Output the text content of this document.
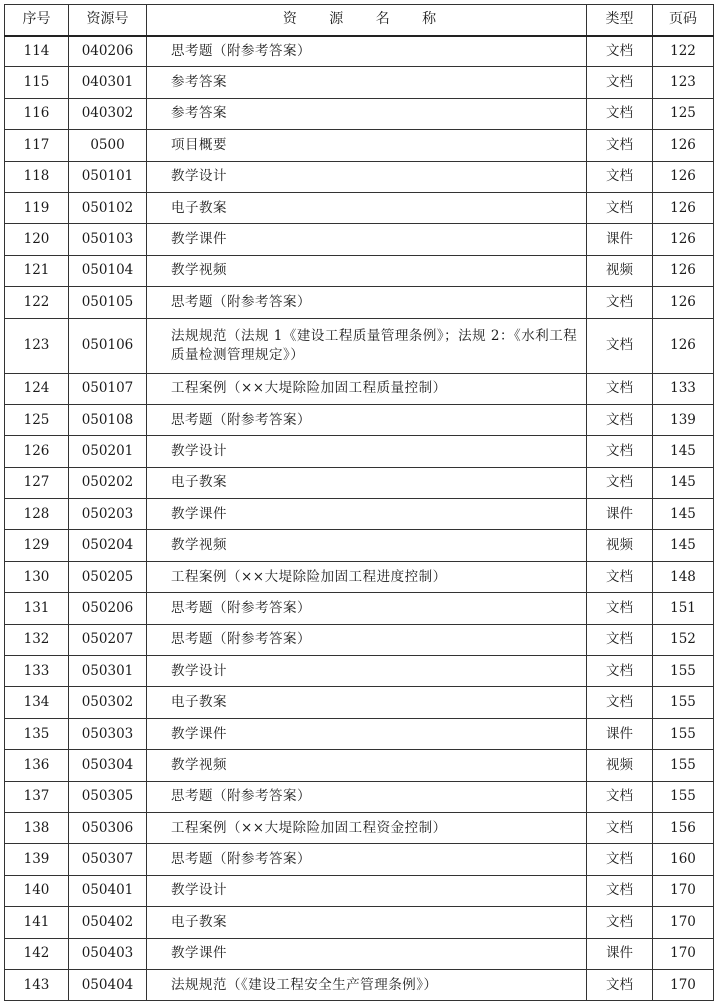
序号	资源号	资 源 名 称	类型	页码
114	040206	思考题（附参考答案）	文档	122
115	040301	参考答案	文档	123
116	040302	参考答案	文档	125
117	0500	项目概要	文档	126
118	050101	教学设计	文档	126
119	050102	电子教案	文档	126
120	050103	教学课件	课件	126
121	050104	教学视频	视频	126
122	050105	思考题（附参考答案）	文档	126
123	050106	法规规范（法规 1《建设工程质量管理条例》；法规 2：《水利工程质量检测管理规定》）	文档	126
124	050107	工程案例（××大堤除险加固工程质量控制）	文档	133
125	050108	思考题（附参考答案）	文档	139
126	050201	教学设计	文档	145
127	050202	电子教案	文档	145
128	050203	教学课件	课件	145
129	050204	教学视频	视频	145
130	050205	工程案例（××大堤除险加固工程进度控制）	文档	148
131	050206	思考题（附参考答案）	文档	151
132	050207	思考题（附参考答案）	文档	152
133	050301	教学设计	文档	155
134	050302	电子教案	文档	155
135	050303	教学课件	课件	155
136	050304	教学视频	视频	155
137	050305	思考题（附参考答案）	文档	155
138	050306	工程案例（××大堤除险加固工程资金控制）	文档	156
139	050307	思考题（附参考答案）	文档	160
140	050401	教学设计	文档	170
141	050402	电子教案	文档	170
142	050403	教学课件	课件	170
143	050404	法规规范（《建设工程安全生产管理条例》）	文档	170
